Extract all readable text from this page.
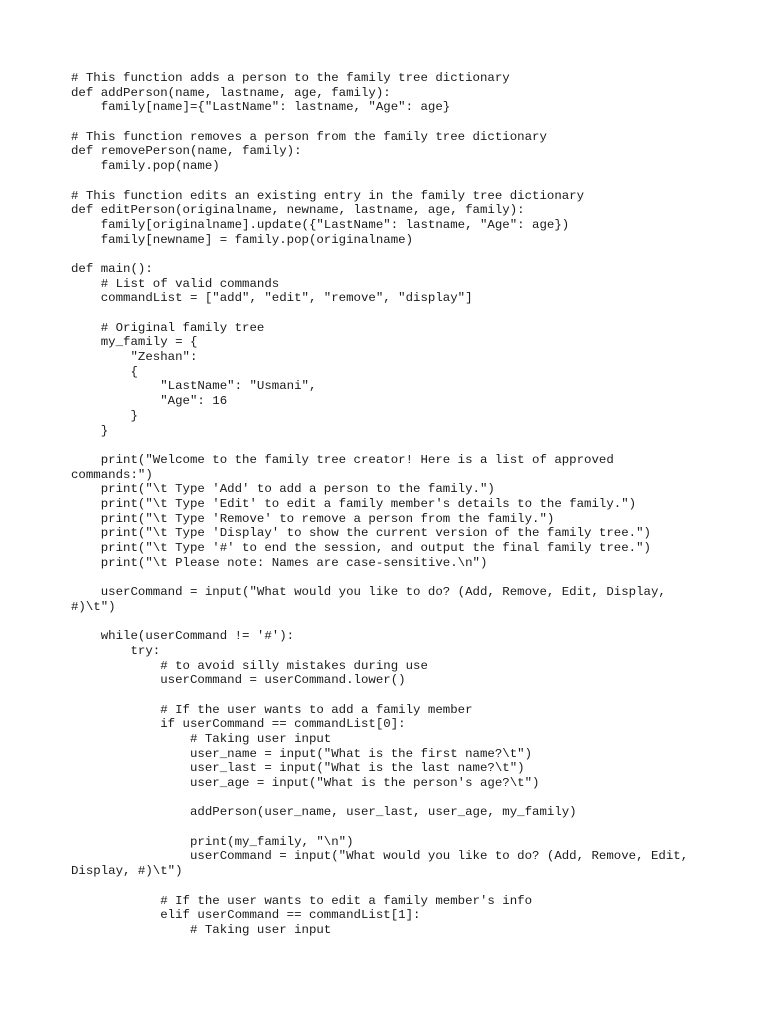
# This function adds a person to the family tree dictionary
def addPerson(name, lastname, age, family):
family[name]={"LastName": lastname, "Age": age}
# This function removes a person from the family tree dictionary
def removePerson(name, family):
family.pop(name)
# This function edits an existing entry in the family tree dictionary
def editPerson(originalname, newname, lastname, age, family):
family[originalname].update({"LastName": lastname, "Age": age})
family[newname] = family.pop(originalname)
def main():
# List of valid commands
commandList = ["add", "edit", "remove", "display"]
# Original family tree
my_family = {
"Zeshan":
{
"LastName": "Usmani",
"Age": 16
}
}
print("Welcome to the family tree creator! Here is a list of approved
commands:")
print("\t Type 'Add' to add a person to the family.")
print("\t Type 'Edit' to edit a family member's details to the family.")
print("\t Type 'Remove' to remove a person from the family.")
print("\t Type 'Display' to show the current version of the family tree.")
print("\t Type '#' to end the session, and output the final family tree.")
print("\t Please note: Names are case-sensitive.\n")
userCommand = input("What would you like to do? (Add, Remove, Edit, Display,
#)\t")
while(userCommand != '#'):
try:
# to avoid silly mistakes during use
userCommand = userCommand.lower()
# If the user wants to add a family member
if userCommand == commandList[0]:
# Taking user input
user_name = input("What is the first name?\t")
user_last = input("What is the last name?\t")
user_age = input("What is the person's age?\t")
addPerson(user_name, user_last, user_age, my_family)
print(my_family, "\n")
userCommand = input("What would you like to do? (Add, Remove, Edit,
Display, #)\t")
# If the user wants to edit a family member's info
elif userCommand == commandList[1]:
# Taking user input
